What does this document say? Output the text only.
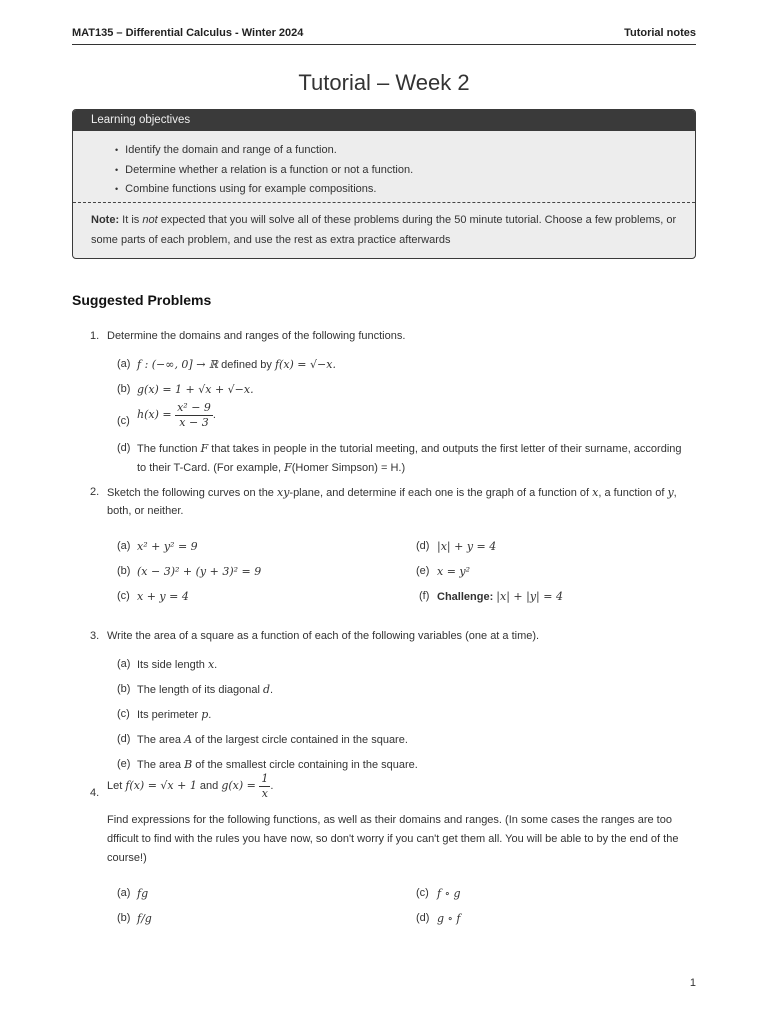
MAT135 – Differential Calculus - Winter 2024	Tutorial notes
Tutorial – Week 2
Learning objectives
• Identify the domain and range of a function.
• Determine whether a relation is a function or not a function.
• Combine functions using for example compositions.
Note: It is not expected that you will solve all of these problems during the 50 minute tutorial. Choose a few problems, or some parts of each problem, and use the rest as extra practice afterwards
Suggested Problems
1. Determine the domains and ranges of the following functions.
(a) f : (−∞, 0] → ℝ defined by f(x) = √−x.
(b) g(x) = 1 + √x + √−x.
(c) $h(x) = \frac{\text{x² − 9}}{x - 3}$ .
(d) The function F that takes in people in the tutorial meeting, and outputs the first letter of their surname, according
to their T-Card. (For example, F(Homer Simpson) = H.)
2. Sketch the following curves on the xy-plane, and determine if each one is the graph of a function of x, a function of y,
both, or neither.
(a) x² + y² = 9
(b) (x − 3)² + (y + 3)² = 9
(c) x + y = 4
(d) |x| + y = 4
(e) x = y²
(f) Challenge: |x| + |y| = 4
3. Write the area of a square as a function of each of the following variables (one at a time).
(a) Its side length x.
(b) The length of its diagonal d.
(c) Its perimeter p.
(d) The area A of the largest circle contained in the square.
(e) The area B of the smallest circle containing in the square.
4.
Let f(x) = √x + 1 and $g(x) = \frac{1}{x}$ .
Find expressions for the following functions, as well as their domains and ranges. (In some cases the ranges are too
dfficult to find with the rules you have now, so don't worry if you can't get them all. You will be able to by the end of the
course!)
(a) fg
(b) f/g
(c) f ∘ g
(d) g ∘ f
1
